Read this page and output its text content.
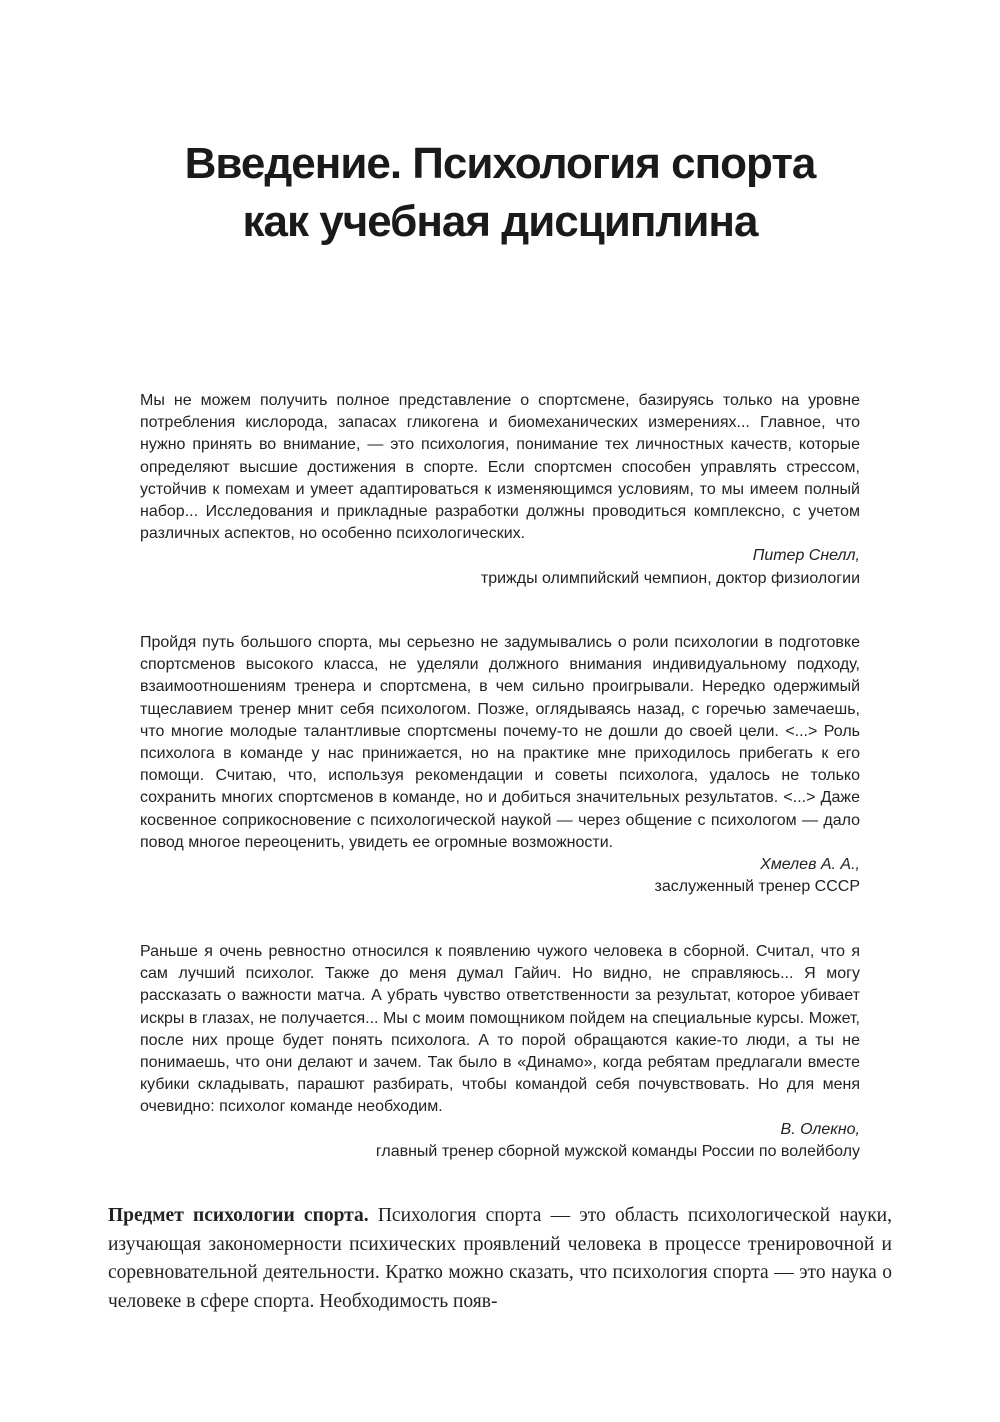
Введение. Психология спорта
как учебная дисциплина

Мы не можем получить полное представление о спортсмене, базируясь только на уровне потребления кислорода, запасах гликогена и биомеханических измерениях... Главное, что нужно принять во внимание, — это психология, понимание тех личностных качеств, которые определяют высшие достижения в спорте. Если спортсмен способен управлять стрессом, устойчив к помехам и умеет адаптироваться к изменяющимся условиям, то мы имеем полный набор... Исследования и прикладные разработки должны проводиться комплексно, с учетом различных аспектов, но особенно психологических.

Питер Снелл,

трижды олимпийский чемпион, доктор физиологии

Пройдя путь большого спорта, мы серьезно не задумывались о роли психологии в подготовке спортсменов высокого класса, не уделяли должного внимания индивидуальному подходу, взаимоотношениям тренера и спортсмена, в чем сильно проигрывали. Нередко одержимый тщеславием тренер мнит себя психологом. Позже, оглядываясь назад, с горечью замечаешь, что многие молодые талантливые спортсмены почему-то не дошли до своей цели. <...> Роль психолога в команде у нас принижается, но на практике мне приходилось прибегать к его помощи. Считаю, что, используя рекомендации и советы психолога, удалось не только сохранить многих спортсменов в команде, но и добиться значительных результатов. <...> Даже косвенное соприкосновение с психологической наукой — через общение с психологом — дало повод многое переоценить, увидеть ее огромные возможности.

Хмелев А. А.,

заслуженный тренер СССР

Раньше я очень ревностно относился к появлению чужого человека в сборной. Считал, что я сам лучший психолог. Также до меня думал Гайич. Но видно, не справляюсь... Я могу рассказать о важности матча. А убрать чувство ответственности за результат, которое убивает искры в глазах, не получается... Мы с моим помощником пойдем на специальные курсы. Может, после них проще будет понять психолога. А то порой обращаются какие-то люди, а ты не понимаешь, что они делают и зачем. Так было в «Динамо», когда ребятам предлагали вместе кубики складывать, парашют разбирать, чтобы командой себя почувствовать. Но для меня очевидно: психолог команде необходим.

В. Олекно,

главный тренер сборной мужской команды России по волейболу

Предмет психологии спорта. Психология спорта — это область психологической науки, изучающая закономерности психических проявлений человека в процессе тренировочной и соревновательной деятельности. Кратко можно сказать, что психология спорта — это наука о человеке в сфере спорта. Необходимость появ-
